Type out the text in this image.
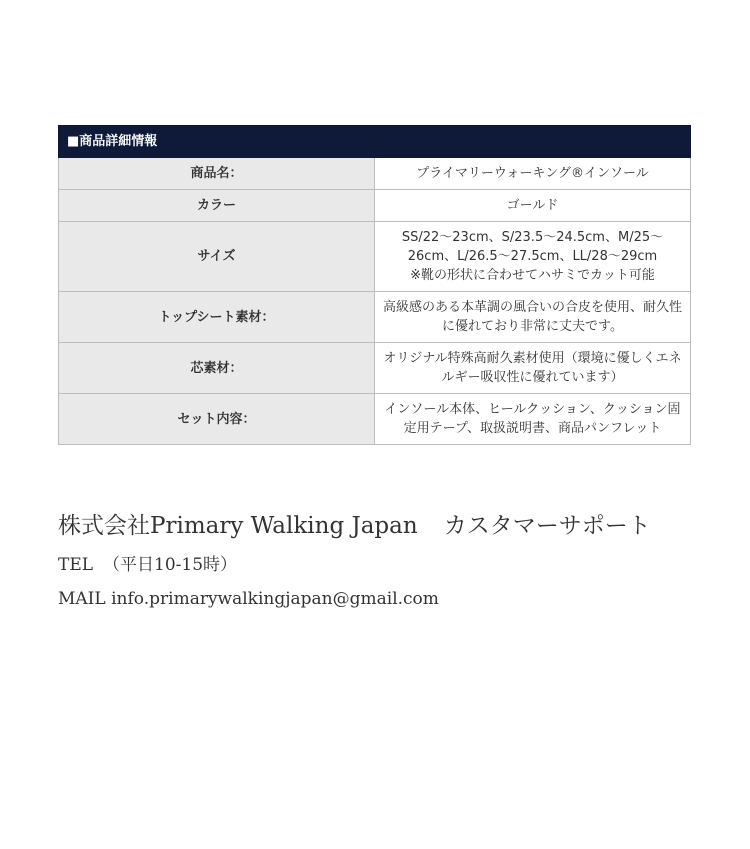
■商品詳細情報	
商品名：	プライマリーウォーキング®インソール
カラー	ゴールド
サイズ	SS/22～23cm、S/23.5～24.5cm、M/25～26cm、L/26.5～27.5cm、LL/28～29cm
※靴の形状に合わせてハサミでカット可能
トップシート素材：	高級感のある本革調の風合いの合皮を使用、耐久性に優れており非常に丈夫です。
芯素材：	オリジナル特殊高耐久素材使用（環境に優しくエネルギー吸収性に優れています）
セット内容：	インソール本体、ヒールクッション、クッション固定用テープ、取扱説明書、商品パンフレット
株式会社Primary Walking Japan カスタマーサポート
TEL （平日10-15時）
MAIL info.primarywalkingjapan@gmail.com
